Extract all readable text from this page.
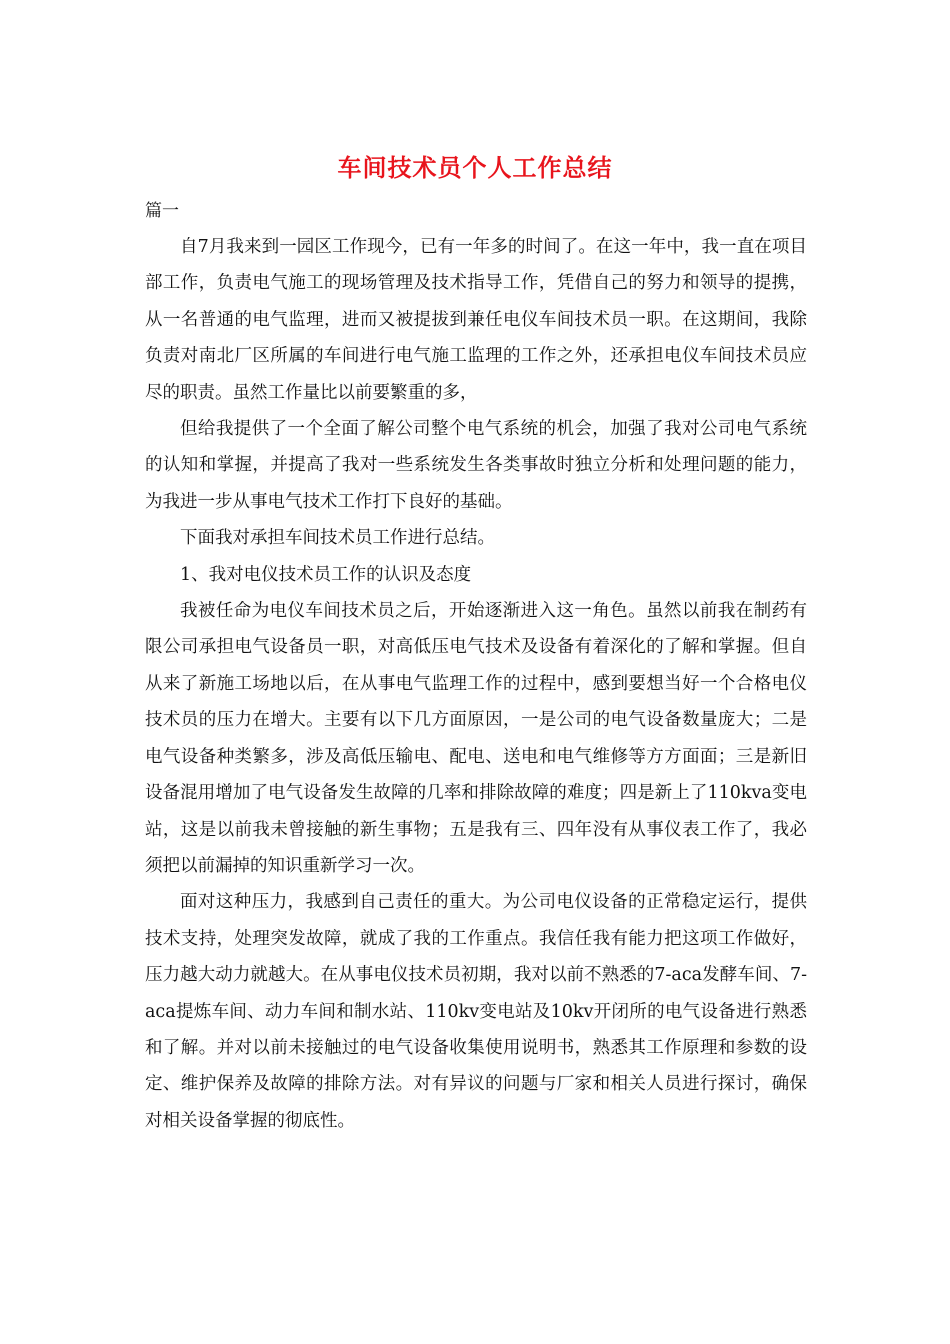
车间技术员个人工作总结
篇一

自7月我来到一园区工作现今，已有一年多的时间了。在这一年中，我一直在项目部工作，负责电气施工的现场管理及技术指导工作，凭借自己的努力和领导的提携，从一名普通的电气监理，进而又被提拔到兼任电仪车间技术员一职。在这期间，我除负责对南北厂区所属的车间进行电气施工监理的工作之外，还承担电仪车间技术员应尽的职责。虽然工作量比以前要繁重的多，

但给我提供了一个全面了解公司整个电气系统的机会，加强了我对公司电气系统的认知和掌握，并提高了我对一些系统发生各类事故时独立分析和处理问题的能力，为我进一步从事电气技术工作打下良好的基础。

下面我对承担车间技术员工作进行总结。

1、我对电仪技术员工作的认识及态度

我被任命为电仪车间技术员之后，开始逐渐进入这一角色。虽然以前我在制药有限公司承担电气设备员一职，对高低压电气技术及设备有着深化的了解和掌握。但自从来了新施工场地以后，在从事电气监理工作的过程中，感到要想当好一个合格电仪技术员的压力在增大。主要有以下几方面原因，一是公司的电气设备数量庞大；二是电气设备种类繁多，涉及高低压输电、配电、送电和电气维修等方方面面；三是新旧设备混用增加了电气设备发生故障的几率和排除故障的难度；四是新上了110kva变电站，这是以前我未曾接触的新生事物；五是我有三、四年没有从事仪表工作了，我必须把以前漏掉的知识重新学习一次。

面对这种压力，我感到自己责任的重大。为公司电仪设备的正常稳定运行，提供技术支持，处理突发故障，就成了我的工作重点。我信任我有能力把这项工作做好，压力越大动力就越大。在从事电仪技术员初期，我对以前不熟悉的7-aca发酵车间、7-aca提炼车间、动力车间和制水站、110kv变电站及10kv开闭所的电气设备进行熟悉和了解。并对以前未接触过的电气设备收集使用说明书，熟悉其工作原理和参数的设定、维护保养及故障的排除方法。对有异议的问题与厂家和相关人员进行探讨，确保对相关设备掌握的彻底性。
